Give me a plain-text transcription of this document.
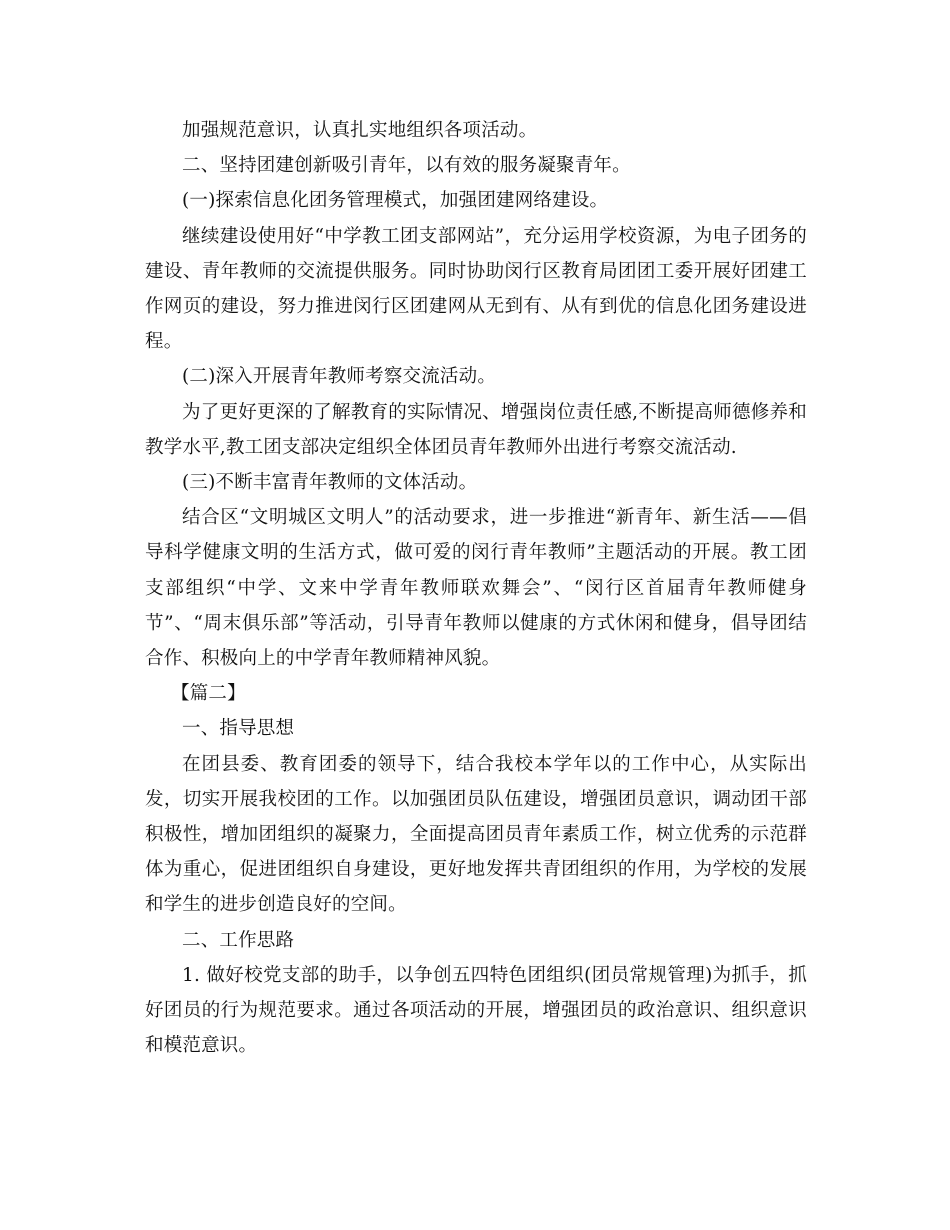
加强规范意识，认真扎实地组织各项活动。

二、坚持团建创新吸引青年，以有效的服务凝聚青年。

(一)探索信息化团务管理模式，加强团建网络建设。

继续建设使用好“中学教工团支部网站”，充分运用学校资源，为电子团务的建设、青年教师的交流提供服务。同时协助闵行区教育局团团工委开展好团建工作网页的建设，努力推进闵行区团建网从无到有、从有到优的信息化团务建设进程。

(二)深入开展青年教师考察交流活动。

为了更好更深的了解教育的实际情况、增强岗位责任感,不断提高师德修养和教学水平,教工团支部决定组织全体团员青年教师外出进行考察交流活动.

(三)不断丰富青年教师的文体活动。

结合区“文明城区文明人”的活动要求，进一步推进“新青年、新生活——倡导科学健康文明的生活方式，做可爱的闵行青年教师”主题活动的开展。教工团支部组织“中学、文来中学青年教师联欢舞会”、“闵行区首届青年教师健身节”、“周末俱乐部”等活动，引导青年教师以健康的方式休闲和健身，倡导团结合作、积极向上的中学青年教师精神风貌。

【篇二】

一、指导思想

在团县委、教育团委的领导下，结合我校本学年以的工作中心，从实际出发，切实开展我校团的工作。以加强团员队伍建设，增强团员意识，调动团干部积极性，增加团组织的凝聚力，全面提高团员青年素质工作，树立优秀的示范群体为重心，促进团组织自身建设，更好地发挥共青团组织的作用，为学校的发展和学生的进步创造良好的空间。

二、工作思路

1. 做好校党支部的助手，以争创五四特色团组织(团员常规管理)为抓手，抓好团员的行为规范要求。通过各项活动的开展，增强团员的政治意识、组织意识和模范意识。
